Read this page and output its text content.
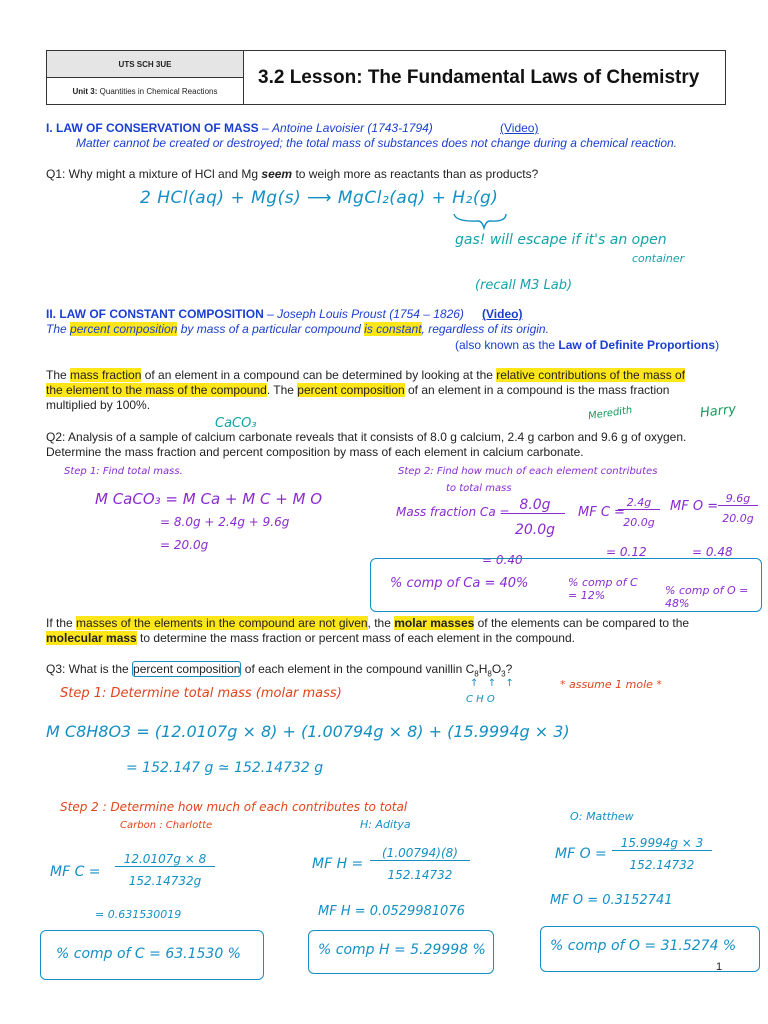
UTS SCH 3UE	3.2 Lesson: The Fundamental Laws of Chemistry
Unit 3: Quantities in Chemical Reactions
I. LAW OF CONSERVATION OF MASS – Antoine Lavoisier (1743-1794)	(Video)
Matter cannot be created or destroyed; the total mass of substances does not change during a chemical reaction.
Q1: Why might a mixture of HCl and Mg seem to weigh more as reactants than as products?
2 HCl(aq) + Mg(s) ⟶ MgCl₂(aq) + H₂(g)
gas! will escape if it's an open
container
(recall M3 Lab)
II. LAW OF CONSTANT COMPOSITION – Joseph Louis Proust (1754 – 1826) (Video)
The percent composition by mass of a particular compound is constant, regardless of its origin.
(also known as the Law of Definite Proportions)
The mass fraction of an element in a compound can be determined by looking at the relative contributions of the mass of
the element to the mass of the compound. The percent composition of an element in a compound is the mass fraction
multiplied by 100%.
CaCO₃
Meredith	Harry
Q2: Analysis of a sample of calcium carbonate reveals that it consists of 8.0 g calcium, 2.4 g carbon and 9.6 g of oxygen.
Determine the mass fraction and percent composition by mass of each element in calcium carbonate.
Step 1: Find total mass.	Step 2: Find how much of each element contributes
to total mass
M CaCO₃ = M Ca + M C + M O
= 8.0g + 2.4g + 9.6g
= 20.0g
Mass fraction Ca = 8.0g
20.0g
MF C =
2.4g
20.0g
MF O =
9.6g
20.0g
= 0.40
= 0.12	= 0.48
% comp of Ca = 40%	% comp of C = 12%	% comp of O = 48%
If the masses of the elements in the compound are not given, the molar masses of the elements can be compared to the
molecular mass to determine the mass fraction or percent mass of each element in the compound.
Q3: What is the percent composition of each element in the compound vanillin $C_8H_8O_3$?
↑  ↑  ↑
C H O
* assume 1 mole *
Step 1: Determine total mass (molar mass)
M C8H8O3 = (12.0107g × 8) + (1.00794g × 8) + (15.9994g × 3)
= 152.147 g ≃ 152.14732 g
Step 2 : Determine how much of each contributes to total
Carbon : Charlotte	H: Aditya
O: Matthew
MF C =
12.0107g × 8
152.14732g
= 0.631530019
MF H =
(1.00794)(8)
152.14732
MF H = 0.0529981076
MF O =
15.9994g × 3
152.14732
MF O = 0.3152741
% comp of C = 63.1530 %	% comp H = 5.29998 %	% comp of O = 31.5274 %
1
